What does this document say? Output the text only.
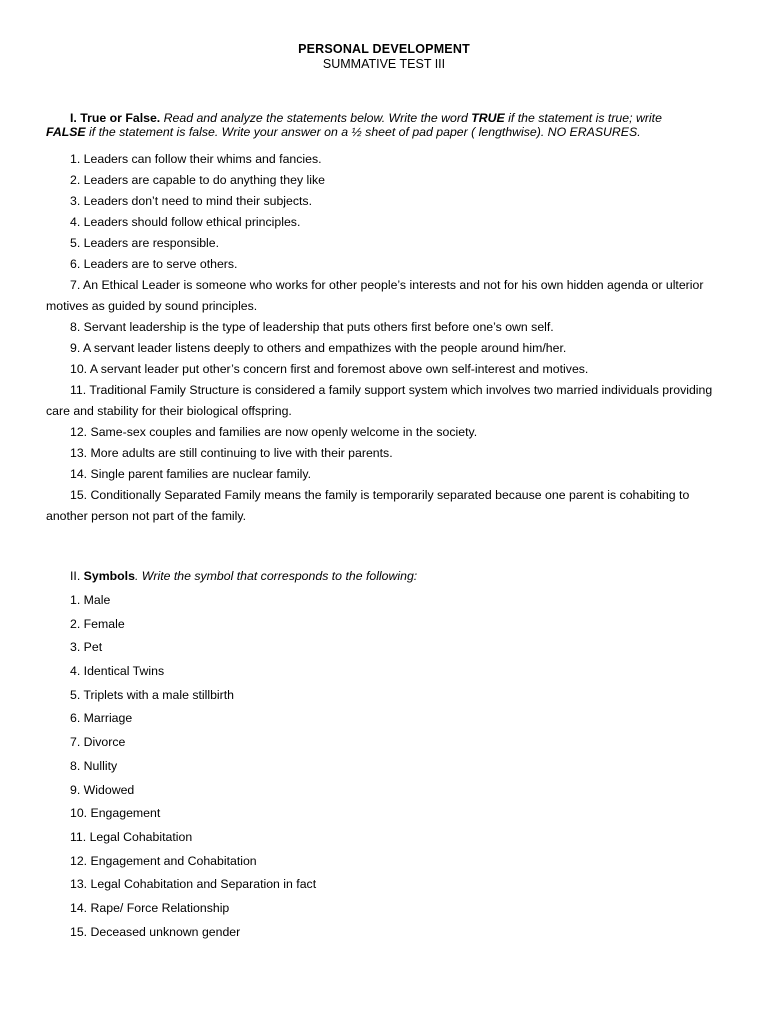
PERSONAL DEVELOPMENT
SUMMATIVE TEST III
I. True or False. Read and analyze the statements below. Write the word TRUE if the statement is true; write
FALSE if the statement is false. Write your answer on a ½ sheet of pad paper ( lengthwise). NO ERASURES.
1. Leaders can follow their whims and fancies.
2. Leaders are capable to do anything they like
3. Leaders don’t need to mind their subjects.
4. Leaders should follow ethical principles.
5. Leaders are responsible.
6. Leaders are to serve others.
7. An Ethical Leader is someone who works for other people’s interests and not for his own hidden agenda or ulterior motives as guided by sound principles.
8. Servant leadership is the type of leadership that puts others first before one’s own self.
9. A servant leader listens deeply to others and empathizes with the people around him/her.
10. A servant leader put other’s concern first and foremost above own self-interest and motives.
11. Traditional Family Structure is considered a family support system which involves two married individuals providing care and stability for their biological offspring.
12. Same-sex couples and families are now openly welcome in the society.
13. More adults are still continuing to live with their parents.
14. Single parent families are nuclear family.
15. Conditionally Separated Family means the family is temporarily separated because one parent is cohabiting to another person not part of the family.
II. Symbols. Write the symbol that corresponds to the following:
1. Male
2. Female
3. Pet
4. Identical Twins
5. Triplets with a male stillbirth
6. Marriage
7. Divorce
8. Nullity
9. Widowed
10. Engagement
11. Legal Cohabitation
12. Engagement and Cohabitation
13. Legal Cohabitation and Separation in fact
14. Rape/ Force Relationship
15. Deceased unknown gender
